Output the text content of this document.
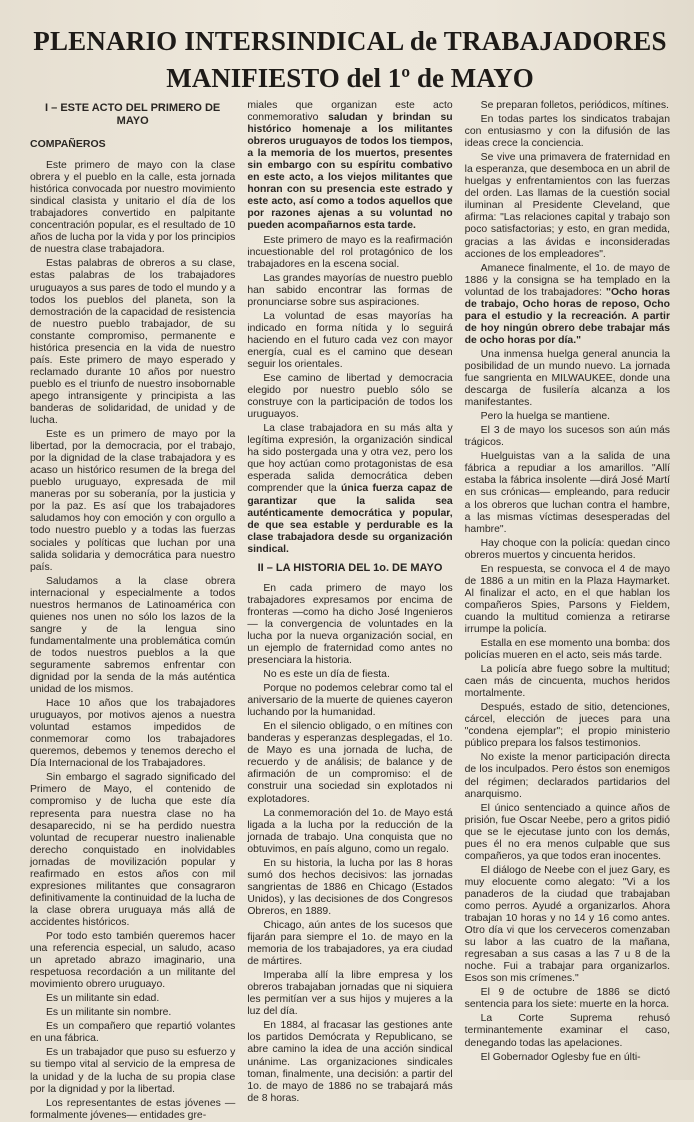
PLENARIO INTERSINDICAL de TRABAJADORES
MANIFIESTO del 1º de MAYO
I – ESTE ACTO DEL PRIMERO DE MAYO
COMPAÑEROS

Este primero de mayo con la clase obrera y el pueblo en la calle, esta jornada histórica convocada por nuestro movimiento sindical clasista y unitario el día de los trabajadores convertido en palpitante concentración popular, es el resultado de 10 años de lucha por la vida y por los principios de nuestra clase trabajadora.

Estas palabras de obreros a su clase, estas palabras de los trabajadores uruguayos a sus pares de todo el mundo y a todos los pueblos del planeta, son la demostración de la capacidad de resistencia de nuestro pueblo trabajador, de su constante compromiso, permanente e histórica presencia en la vida de nuestro país. Este primero de mayo esperado y reclamado durante 10 años por nuestro pueblo es el triunfo de nuestro insobornable apego intransigente y principista a las banderas de solidaridad, de unidad y de lucha.

Este es un primero de mayo por la libertad, por la democracia, por el trabajo, por la dignidad de la clase trabajadora y es acaso un histórico resumen de la brega del pueblo uruguayo, expresada de mil maneras por su soberanía, por la justicia y por la paz. Es así que los trabajadores saludamos hoy con emoción y con orgullo a todo nuestro pueblo y a todas las fuerzas sociales y políticas que luchan por una salida solidaria y democrática para nuestro país.

Saludamos a la clase obrera internacional y especialmente a todos nuestros hermanos de Latinoamérica con quienes nos unen no sólo los lazos de la sangre y de la lengua sino fundamentalmente una problemática común de todos nuestros pueblos a la que seguramente sabremos enfrentar con dignidad por la senda de la más auténtica unidad de los mismos.

Hace 10 años que los trabajadores uruguayos, por motivos ajenos a nuestra voluntad estamos impedidos de conmemorar como los trabajadores queremos, debemos y tenemos derecho el Día Internacional de los Trabajadores.

Sin embargo el sagrado significado del Primero de Mayo, el contenido de compromiso y de lucha que este día representa para nuestra clase no ha desaparecido, ni se ha perdido nuestra voluntad de recuperar nuestro inalienable derecho conquistado en inolvidables jornadas de movilización popular y reafirmado en estos años con mil expresiones militantes que consagraron definitivamente la continuidad de la lucha de la clase obrera uruguaya más allá de accidentes históricos.

Por todo esto también queremos hacer una referencia especial, un saludo, acaso un apretado abrazo imaginario, una respetuosa recordación a un militante del movimiento obrero uruguayo.

Es un militante sin edad.

Es un militante sin nombre.

Es un compañero que repartió volantes en una fábrica.

Es un trabajador que puso su esfuerzo y su tiempo vital al servicio de la empresa de la unidad y de la lucha de su propia clase por la dignidad y por la libertad.

Los representantes de estas jóvenes —formalmente jóvenes— entidades gre-

miales que organizan este acto conmemorativo saludan y brindan su histórico homenaje a los militantes obreros uruguayos de todos los tiempos, a la memoria de los muertos, presentes sin embargo con su espíritu combativo en este acto, a los viejos militantes que honran con su presencia este estrado y este acto, así como a todos aquellos que por razones ajenas a su voluntad no pueden acompañarnos esta tarde.

Este primero de mayo es la reafirmación incuestionable del rol protagónico de los trabajadores en la escena social.

Las grandes mayorías de nuestro pueblo han sabido encontrar las formas de pronunciarse sobre sus aspiraciones.

La voluntad de esas mayorías ha indicado en forma nítida y lo seguirá haciendo en el futuro cada vez con mayor energía, cual es el camino que desean seguir los orientales.

Ese camino de libertad y democracia elegido por nuestro pueblo sólo se construye con la participación de todos los uruguayos.

La clase trabajadora en su más alta y legítima expresión, la organización sindical ha sido postergada una y otra vez, pero los que hoy actúan como protagonistas de esa esperada salida democrática deben comprender que la única fuerza capaz de garantizar que la salida sea auténticamente democrática y popular, de que sea estable y perdurable es la clase trabajadora desde su organización sindical.

II – LA HISTORIA DEL 1o. DE MAYO

En cada primero de mayo los trabajadores expresamos por encima de fronteras —como ha dicho José Ingenieros— la convergencia de voluntades en la lucha por la nueva organización social, en un ejemplo de fraternidad como antes no presenciara la historia.

No es este un día de fiesta.

Porque no podemos celebrar como tal el aniversario de la muerte de quienes cayeron luchando por la humanidad.

En el silencio obligado, o en mítines con banderas y esperanzas desplegadas, el 1o. de Mayo es una jornada de lucha, de recuerdo y de análisis; de balance y de afirmación de un compromiso: el de construir una sociedad sin explotados ni explotadores.

La conmemoración del 1o. de Mayo está ligada a la lucha por la reducción de la jornada de trabajo. Una conquista que no obtuvimos, en país alguno, como un regalo.

En su historia, la lucha por las 8 horas sumó dos hechos decisivos: las jornadas sangrientas de 1886 en Chicago (Estados Unidos), y las decisiones de dos Congresos Obreros, en 1889.

Chicago, aún antes de los sucesos que fijarán para siempre el 1o. de mayo en la memoria de los trabajadores, ya era ciudad de mártires.

Imperaba allí la libre empresa y los obreros trabajaban jornadas que ni siquiera les permitían ver a sus hijos y mujeres a la luz del día.

En 1884, al fracasar las gestiones ante los partidos Demócrata y Republicano, se abre camino la idea de una acción sindical unánime. Las organizaciones sindicales toman, finalmente, una decisión: a partir del 1o. de mayo de 1886 no se trabajará más de 8 horas.

Se preparan folletos, periódicos, mítines.

En todas partes los sindicatos trabajan con entusiasmo y con la difusión de las ideas crece la conciencia.

Se vive una primavera de fraternidad en la esperanza, que desemboca en un abril de huelgas y enfrentamientos con las fuerzas del orden. Las llamas de la cuestión social iluminan al Presidente Cleveland, que afirma: "Las relaciones capital y trabajo son poco satisfactorias; y esto, en gran medida, gracias a las ávidas e inconsideradas acciones de los empleadores".

Amanece finalmente, el 1o. de mayo de 1886 y la consigna se ha templado en la voluntad de los trabajadores: "Ocho horas de trabajo, Ocho horas de reposo, Ocho para el estudio y la recreación. A partir de hoy ningún obrero debe trabajar más de ocho horas por día."

Una inmensa huelga general anuncia la posibilidad de un mundo nuevo. La jornada fue sangrienta en MILWAUKEE, donde una descarga de fusilería alcanza a los manifestantes.

Pero la huelga se mantiene.

El 3 de mayo los sucesos son aún más trágicos.

Huelguistas van a la salida de una fábrica a repudiar a los amarillos. "Allí estaba la fábrica insolente —dirá José Martí en sus crónicas— empleando, para reducir a los obreros que luchan contra el hambre, a las mismas víctimas desesperadas del hambre".

Hay choque con la policía: quedan cinco obreros muertos y cincuenta heridos.

En respuesta, se convoca el 4 de mayo de 1886 a un mitin en la Plaza Haymarket. Al finalizar el acto, en el que hablan los compañeros Spies, Parsons y Fieldem, cuando la multitud comienza a retirarse irrumpe la policía.

Estalla en ese momento una bomba: dos policías mueren en el acto, seis más tarde.

La policía abre fuego sobre la multitud; caen más de cincuenta, muchos heridos mortalmente.

Después, estado de sitio, detenciones, cárcel, elección de jueces para una "condena ejemplar"; el propio ministerio público prepara los falsos testimonios.

No existe la menor participación directa de los inculpados. Pero éstos son enemigos del régimen; declarados partidarios del anarquismo.

El único sentenciado a quince años de prisión, fue Oscar Neebe, pero a gritos pidió que se le ejecutase junto con los demás, pues él no era menos culpable que sus compañeros, ya que todos eran inocentes.

El diálogo de Neebe con el juez Gary, es muy elocuente como alegato: "Vi a los panaderos de la ciudad que trabajaban como perros. Ayudé a organizarlos. Ahora trabajan 10 horas y no 14 y 16 como antes. Otro día vi que los cerveceros comenzaban su labor a las cuatro de la mañana, regresaban a sus casas a las 7 u 8 de la noche. Fui a trabajar para organizarlos. Esos son mis crímenes."

El 9 de octubre de 1886 se dictó sentencia para los siete: muerte en la horca.

La Corte Suprema rehusó terminantemente examinar el caso, denegando todas las apelaciones.

El Gobernador Oglesby fue en últi-
